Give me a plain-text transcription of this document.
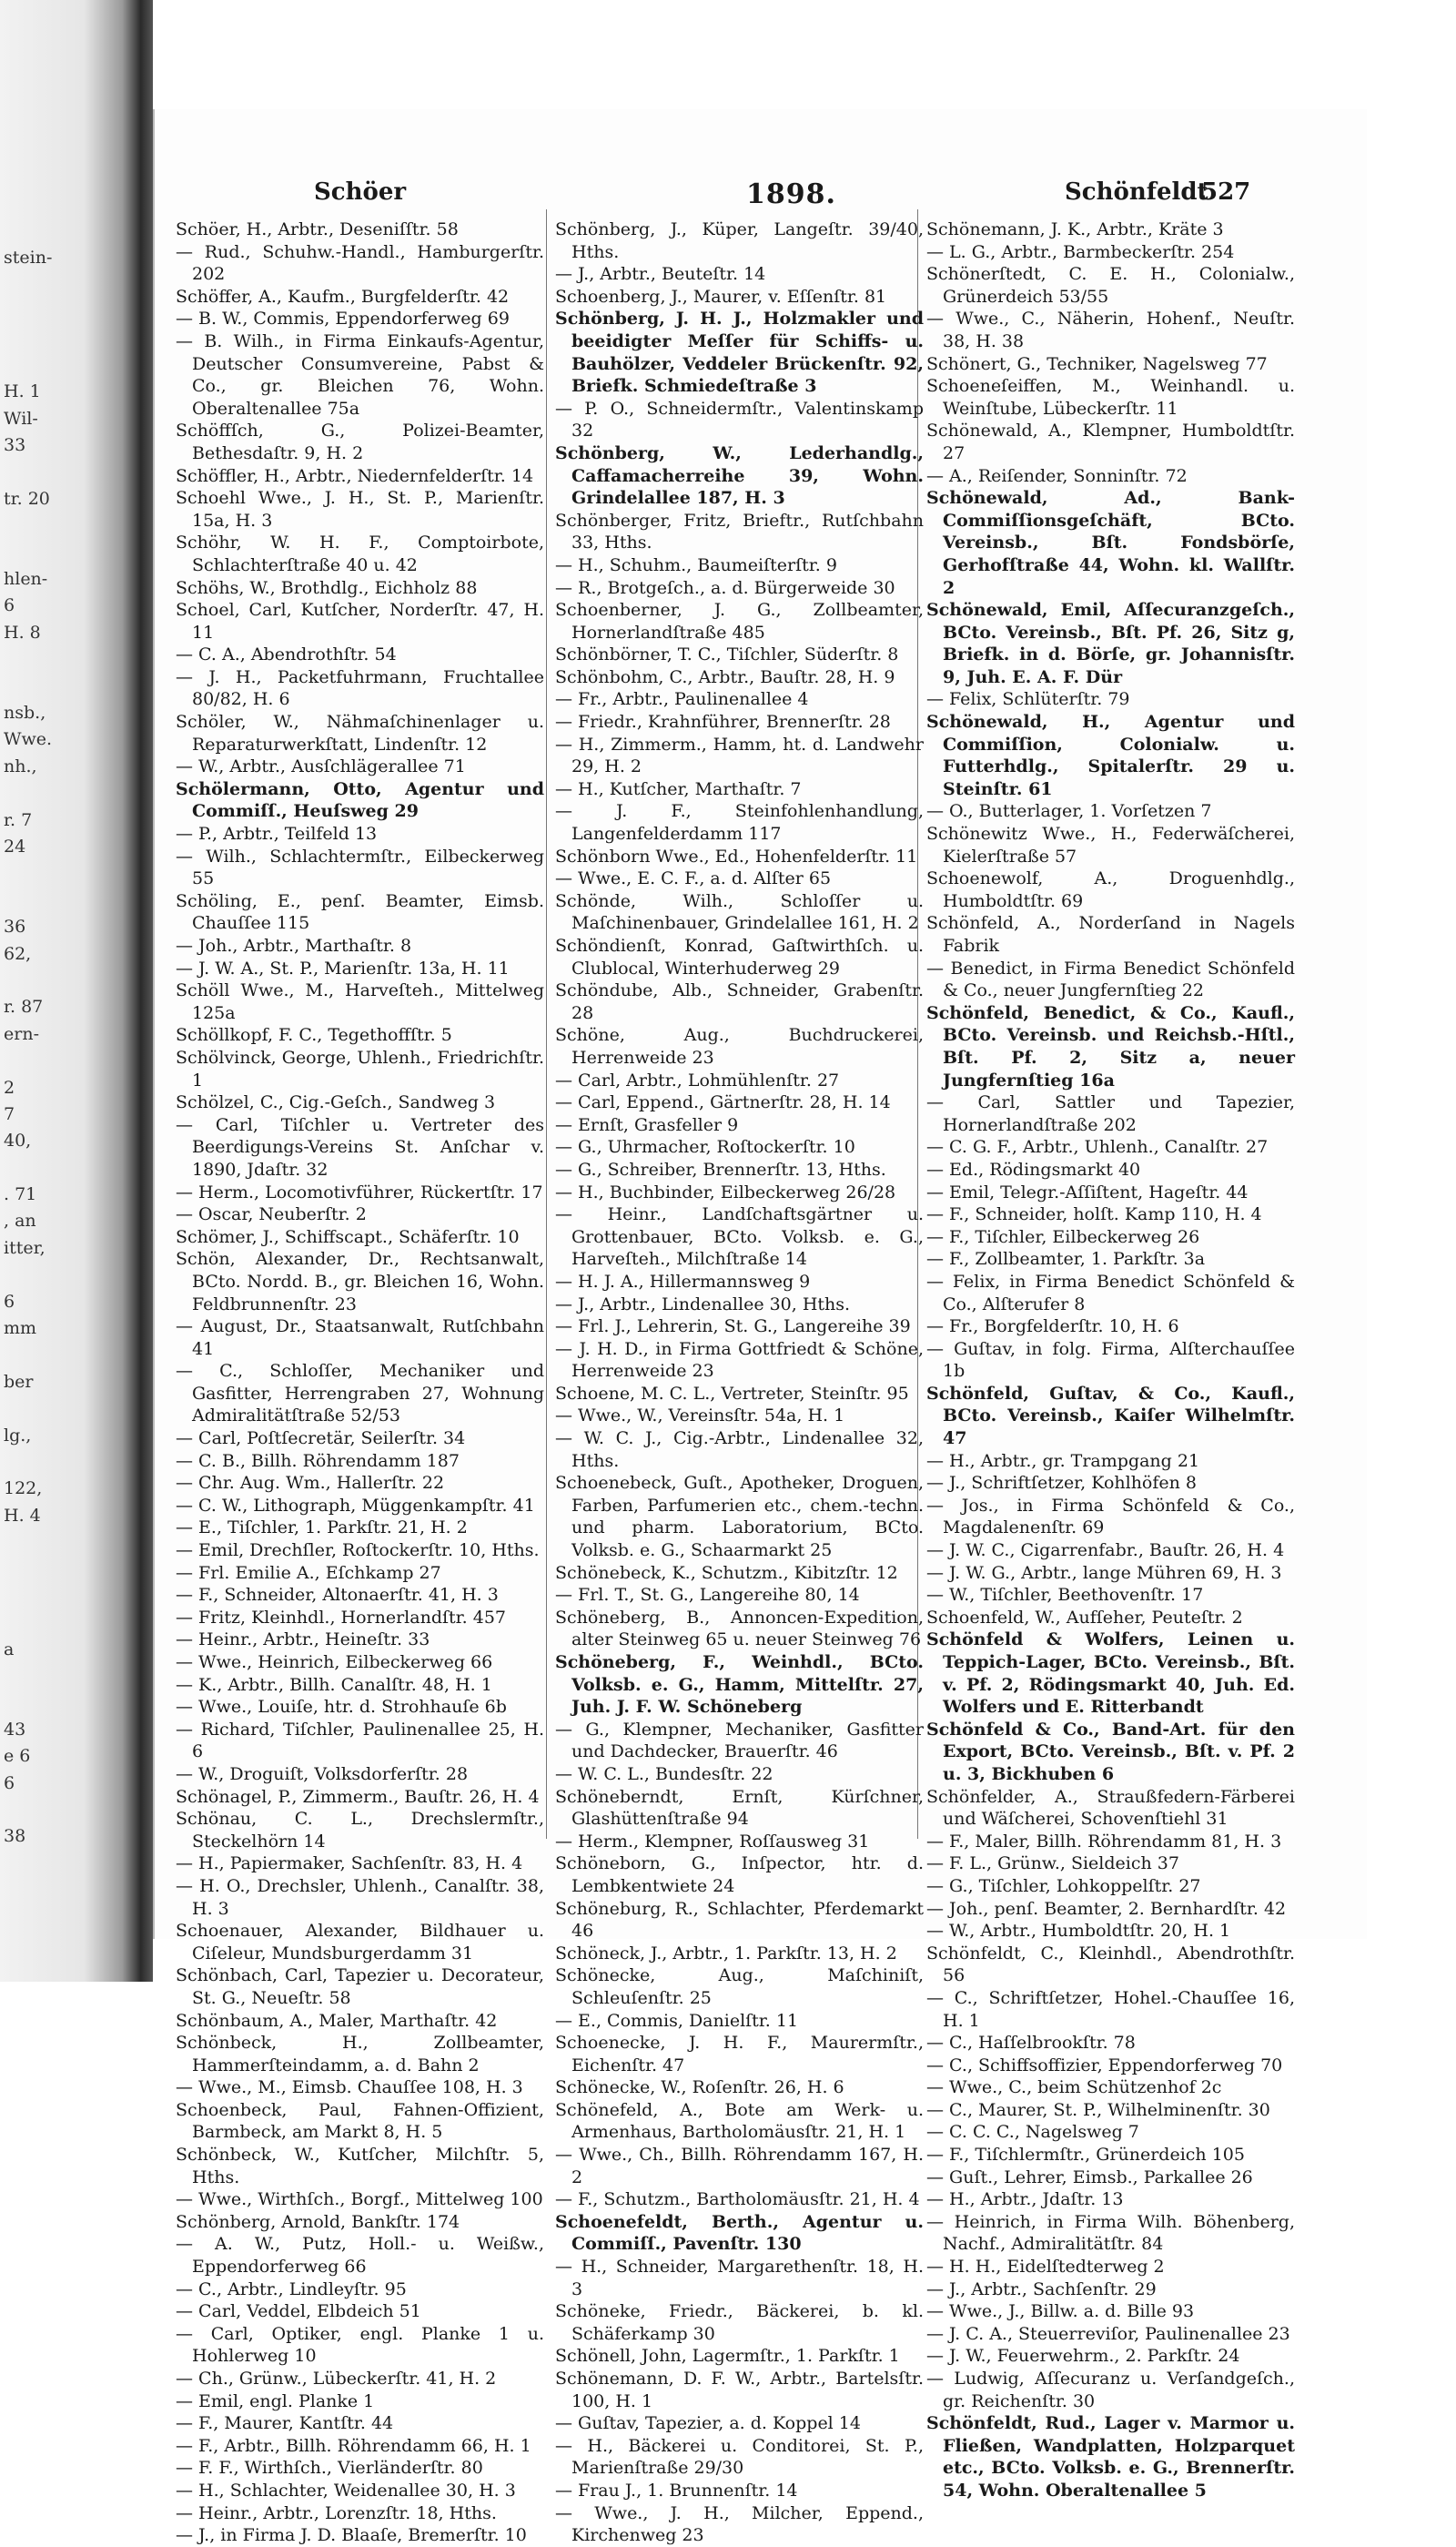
stein-
H. 1
Wil-
33
tr. 20
hlen-
6
H. 8
nsb.,
Wwe.
nh.,
r. 7
24
36
62,
r. 87
ern-
2
7
40,
. 71
, an
itter,
6
mm
ber
lg.,
122,
H. 4
a
43
e 6
6
38
Schöer	1898.	Schönfeldt
527

Schöer, H., Arbtr., Deseniſſtr. 58

— Rud., Schuhw.-Handl., Hamburgerſtr. 202

Schöffer, A., Kaufm., Burgfelderſtr. 42

— B. W., Commis, Eppendorferweg 69

— B. Wilh., in Firma Einkaufs-Agentur, Deutscher Consumvereine, Pabst & Co., gr. Bleichen 76, Wohn. Oberaltenallee 75a

Schöffſch, G., Polizei-Beamter, Bethesdaſtr. 9, H. 2

Schöffler, H., Arbtr., Niedernfelderſtr. 14

Schoehl Wwe., J. H., St. P., Marienſtr. 15a, H. 3

Schöhr, W. H. F., Comptoirbote, Schlachterſtraße 40 u. 42

Schöhs, W., Brothdlg., Eichholz 88

Schoel, Carl, Kutſcher, Norderſtr. 47, H. 11

— C. A., Abendrothſtr. 54

— J. H., Packetfuhrmann, Fruchtallee 80/82, H. 6

Schöler, W., Nähmaſchinenlager u. Reparaturwerkſtatt, Lindenſtr. 12

— W., Arbtr., Ausſchlägerallee 71

Schölermann, Otto, Agentur und Commiſſ., Heuſsweg 29

— P., Arbtr., Teilfeld 13

— Wilh., Schlachtermſtr., Eilbeckerweg 55

Schöling, E., penſ. Beamter, Eimsb. Chauſſee 115

— Joh., Arbtr., Marthaſtr. 8

— J. W. A., St. P., Marienſtr. 13a, H. 11

Schöll Wwe., M., Harveſteh., Mittelweg 125a

Schöllkopf, F. C., Tegethoffſtr. 5

Schölvinck, George, Uhlenh., Friedrichſtr. 1

Schölzel, C., Cig.-Geſch., Sandweg 3

— Carl, Tiſchler u. Vertreter des Beerdigungs-Vereins St. Anſchar v. 1890, Jdaſtr. 32

— Herm., Locomotivführer, Rückertſtr. 17

— Oscar, Neuberſtr. 2

Schömer, J., Schiffscapt., Schäferſtr. 10

Schön, Alexander, Dr., Rechtsanwalt, BCto. Nordd. B., gr. Bleichen 16, Wohn. Feldbrunnenſtr. 23

— August, Dr., Staatsanwalt, Rutſchbahn 41

— C., Schloſſer, Mechaniker und Gasfitter, Herrengraben 27, Wohnung Admiralitätſtraße 52/53

— Carl, Poſtſecretär, Seilerſtr. 34

— C. B., Billh. Röhrendamm 187

— Chr. Aug. Wm., Hallerſtr. 22

— C. W., Lithograph, Müggenkampſtr. 41

— E., Tiſchler, 1. Parkſtr. 21, H. 2

— Emil, Drechſler, Roſtockerſtr. 10, Hths.

— Frl. Emilie A., Eſchkamp 27

— F., Schneider, Altonaerſtr. 41, H. 3

— Fritz, Kleinhdl., Hornerlandſtr. 457

— Heinr., Arbtr., Heineſtr. 33

— Wwe., Heinrich, Eilbeckerweg 66

— K., Arbtr., Billh. Canalſtr. 48, H. 1

— Wwe., Louiſe, htr. d. Strohhauſe 6b

— Richard, Tiſchler, Paulinenallee 25, H. 6

— W., Droguiſt, Volksdorferſtr. 28

Schönagel, P., Zimmerm., Bauſtr. 26, H. 4

Schönau, C. L., Drechslermſtr., Steckelhörn 14

— H., Papiermaker, Sachſenſtr. 83, H. 4

— H. O., Drechsler, Uhlenh., Canalſtr. 38, H. 3

Schoenauer, Alexander, Bildhauer u. Ciſeleur, Mundsburgerdamm 31

Schönbach, Carl, Tapezier u. Decorateur, St. G., Neueſtr. 58

Schönbaum, A., Maler, Marthaſtr. 42

Schönbeck, H., Zollbeamter, Hammerſteindamm, a. d. Bahn 2

— Wwe., M., Eimsb. Chauſſee 108, H. 3

Schoenbeck, Paul, Fahnen-Offizient, Barmbeck, am Markt 8, H. 5

Schönbeck, W., Kutſcher, Milchſtr. 5, Hths.

— Wwe., Wirthſch., Borgf., Mittelweg 100

Schönberg, Arnold, Bankſtr. 174

— A. W., Putz, Holl.- u. Weißw., Eppendorferweg 66

— C., Arbtr., Lindleyſtr. 95

— Carl, Veddel, Elbdeich 51

— Carl, Optiker, engl. Planke 1 u. Hohlerweg 10

— Ch., Grünw., Lübeckerſtr. 41, H. 2

— Emil, engl. Planke 1

— F., Maurer, Kantſtr. 44

— F., Arbtr., Billh. Röhrendamm 66, H. 1

— F. F., Wirthſch., Vierländerſtr. 80

— H., Schlachter, Weidenallee 30, H. 3

— Heinr., Arbtr., Lorenzſtr. 18, Hths.

— J., in Firma J. D. Blaaſe, Bremerſtr. 10

Schönberg, J., Küper, Langeſtr. 39/40, Hths.

— J., Arbtr., Beuteſtr. 14

Schoenberg, J., Maurer, v. Eſſenſtr. 81

Schönberg, J. H. J., Holzmakler und beeidigter Meſſer für Schiffs- u. Bauhölzer, Veddeler Brückenſtr. 92, Briefk. Schmiedeſtraße 3

— P. O., Schneidermſtr., Valentinskamp 32

Schönberg, W., Lederhandlg., Caffamacherreihe 39, Wohn. Grindelallee 187, H. 3

Schönberger, Fritz, Brieftr., Rutſchbahn 33, Hths.

— H., Schuhm., Baumeiſterſtr. 9

— R., Brotgeſch., a. d. Bürgerweide 30

Schoenberner, J. G., Zollbeamter, Hornerlandſtraße 485

Schönbörner, T. C., Tiſchler, Süderſtr. 8

Schönbohm, C., Arbtr., Bauſtr. 28, H. 9

— Fr., Arbtr., Paulinenallee 4

— Friedr., Krahnführer, Brennerſtr. 28

— H., Zimmerm., Hamm, ht. d. Landwehr 29, H. 2

— H., Kutſcher, Marthaſtr. 7

— J. F., Steinfohlenhandlung, Langenfelderdamm 117

Schönborn Wwe., Ed., Hohenfelderſtr. 11

— Wwe., E. C. F., a. d. Alſter 65

Schönde, Wilh., Schloſſer u. Maſchinenbauer, Grindelallee 161, H. 2

Schöndienſt, Konrad, Gaſtwirthſch. u. Clublocal, Winterhuderweg 29

Schöndube, Alb., Schneider, Grabenſtr. 28

Schöne, Aug., Buchdruckerei, Herrenweide 23

— Carl, Arbtr., Lohmühlenſtr. 27

— Carl, Eppend., Gärtnerſtr. 28, H. 14

— Ernſt, Grasfeller 9

— G., Uhrmacher, Roſtockerſtr. 10

— G., Schreiber, Brennerſtr. 13, Hths.

— H., Buchbinder, Eilbeckerweg 26/28

— Heinr., Landſchaftsgärtner u. Grottenbauer, BCto. Volksb. e. G., Harveſteh., Milchſtraße 14

— H. J. A., Hillermannsweg 9

— J., Arbtr., Lindenallee 30, Hths.

— Frl. J., Lehrerin, St. G., Langereihe 39

— J. H. D., in Firma Gottfriedt & Schöne, Herrenweide 23

Schoene, M. C. L., Vertreter, Steinſtr. 95

— Wwe., W., Vereinsſtr. 54a, H. 1

— W. C. J., Cig.-Arbtr., Lindenallee 32, Hths.

Schoenebeck, Guſt., Apotheker, Droguen, Farben, Parfumerien etc., chem.-techn. und pharm. Laboratorium, BCto. Volksb. e. G., Schaarmarkt 25

Schönebeck, K., Schutzm., Kibitzſtr. 12

— Frl. T., St. G., Langereihe 80, 14

Schöneberg, B., Annoncen-Expedition, alter Steinweg 65 u. neuer Steinweg 76

Schöneberg, F., Weinhdl., BCto. Volksb. e. G., Hamm, Mittelſtr. 27, Juh. J. F. W. Schöneberg

— G., Klempner, Mechaniker, Gasfitter und Dachdecker, Brauerſtr. 46

— W. C. L., Bundesſtr. 22

Schöneberndt, Ernſt, Kürſchner, Glashüttenſtraße 94

— Herm., Klempner, Roſſausweg 31

Schöneborn, G., Inſpector, htr. d. Lembkentwiete 24

Schöneburg, R., Schlachter, Pferdemarkt 46

Schöneck, J., Arbtr., 1. Parkſtr. 13, H. 2

Schönecke, Aug., Maſchiniſt, Schleuſenſtr. 25

— E., Commis, Danielſtr. 11

Schoenecke, J. H. F., Maurermſtr., Eichenſtr. 47

Schönecke, W., Roſenſtr. 26, H. 6

Schönefeld, A., Bote am Werk- u. Armenhaus, Bartholomäusſtr. 21, H. 1

— Wwe., Ch., Billh. Röhrendamm 167, H. 2

— F., Schutzm., Bartholomäusſtr. 21, H. 4

Schoenefeldt, Berth., Agentur u. Commiſſ., Pavenſtr. 130

— H., Schneider, Margarethenſtr. 18, H. 3

Schöneke, Friedr., Bäckerei, b. kl. Schäferkamp 30

Schönell, John, Lagermſtr., 1. Parkſtr. 1

Schönemann, D. F. W., Arbtr., Bartelsſtr. 100, H. 1

— Guſtav, Tapezier, a. d. Koppel 14

— H., Bäckerei u. Conditorei, St. P., Marienſtraße 29/30

— Frau J., 1. Brunnenſtr. 14

— Wwe., J. H., Milcher, Eppend., Kirchenweg 23

Schönemann, J. K., Arbtr., Kräte 3

— L. G., Arbtr., Barmbeckerſtr. 254

Schönerſtedt, C. E. H., Colonialw., Grünerdeich 53/55

— Wwe., C., Näherin, Hohenf., Neuſtr. 38, H. 38

Schönert, G., Techniker, Nagelsweg 77

Schoeneſeiffen, M., Weinhandl. u. Weinſtube, Lübeckerſtr. 11

Schönewald, A., Klempner, Humboldtſtr. 27

— A., Reiſender, Sonninſtr. 72

Schönewald, Ad., Bank-Commiſſionsgeſchäft, BCto. Vereinsb., Bſt. Fondsbörſe, Gerhofſtraße 44, Wohn. kl. Wallſtr. 2

Schönewald, Emil, Aſſecuranzgeſch., BCto. Vereinsb., Bſt. Pf. 26, Sitz g, Briefk. in d. Börſe, gr. Johannisſtr. 9, Juh. E. A. F. Dür

— Felix, Schlüterſtr. 79

Schönewald, H., Agentur und Commiſſion, Colonialw. u. Futterhdlg., Spitalerſtr. 29 u. Steinſtr. 61

— O., Butterlager, 1. Vorſetzen 7

Schönewitz Wwe., H., Federwäſcherei, Kielerſtraße 57

Schoenewolf, A., Droguenhdlg., Humboldtſtr. 69

Schönfeld, A., Norderſand in Nagels Fabrik

— Benedict, in Firma Benedict Schönfeld & Co., neuer Jungfernſtieg 22

Schönfeld, Benedict, & Co., Kaufl., BCto. Vereinsb. und Reichsb.-Hſtl., Bſt. Pf. 2, Sitz a, neuer Jungfernſtieg 16a

— Carl, Sattler und Tapezier, Hornerlandſtraße 202

— C. G. F., Arbtr., Uhlenh., Canalſtr. 27

— Ed., Rödingsmarkt 40

— Emil, Telegr.-Aſſiſtent, Hageſtr. 44

— F., Schneider, holſt. Kamp 110, H. 4

— F., Tiſchler, Eilbeckerweg 26

— F., Zollbeamter, 1. Parkſtr. 3a

— Felix, in Firma Benedict Schönfeld & Co., Alſterufer 8

— Fr., Borgfelderſtr. 10, H. 6

— Guſtav, in folg. Firma, Alſterchauſſee 1b

Schönfeld, Guſtav, & Co., Kaufl., BCto. Vereinsb., Kaiſer Wilhelmſtr. 47

— H., Arbtr., gr. Trampgang 21

— J., Schriftſetzer, Kohlhöfen 8

— Jos., in Firma Schönfeld & Co., Magdalenenſtr. 69

— J. W. C., Cigarrenfabr., Bauſtr. 26, H. 4

— J. W. G., Arbtr., lange Mühren 69, H. 3

— W., Tiſchler, Beethovenſtr. 17

Schoenfeld, W., Aufſeher, Peuteſtr. 2

Schönfeld & Wolfers, Leinen u. Teppich-Lager, BCto. Vereinsb., Bſt. v. Pf. 2, Rödingsmarkt 40, Juh. Ed. Wolfers und E. Ritterbandt

Schönfeld & Co., Band-Art. für den Export, BCto. Vereinsb., Bſt. v. Pf. 2 u. 3, Bickhuben 6

Schönfelder, A., Straußfedern-Färberei und Wäſcherei, Schovenſtiehl 31

— F., Maler, Billh. Röhrendamm 81, H. 3

— F. L., Grünw., Sieldeich 37

— G., Tiſchler, Lohkoppelſtr. 27

— Joh., penſ. Beamter, 2. Bernhardſtr. 42

— W., Arbtr., Humboldtſtr. 20, H. 1

Schönfeldt, C., Kleinhdl., Abendrothſtr. 56

— C., Schriftſetzer, Hohel.-Chauſſee 16, H. 1

— C., Haſſelbrookſtr. 78

— C., Schiffsoffizier, Eppendorferweg 70

— Wwe., C., beim Schützenhof 2c

— C., Maurer, St. P., Wilhelminenſtr. 30

— C. C. C., Nagelsweg 7

— F., Tiſchlermſtr., Grünerdeich 105

— Guſt., Lehrer, Eimsb., Parkallee 26

— H., Arbtr., Jdaſtr. 13

— Heinrich, in Firma Wilh. Böhenberg, Nachf., Admiralitätſtr. 84

— H. H., Eidelſtedterweg 2

— J., Arbtr., Sachſenſtr. 29

— Wwe., J., Billw. a. d. Bille 93

— J. C. A., Steuerreviſor, Paulinenallee 23

— J. W., Feuerwehrm., 2. Parkſtr. 24

— Ludwig, Aſſecuranz u. Verſandgeſch., gr. Reichenſtr. 30

Schönfeldt, Rud., Lager v. Marmor u. Fließen, Wandplatten, Holzparquet etc., BCto. Volksb. e. G., Brennerſtr. 54, Wohn. Oberaltenallee 5
